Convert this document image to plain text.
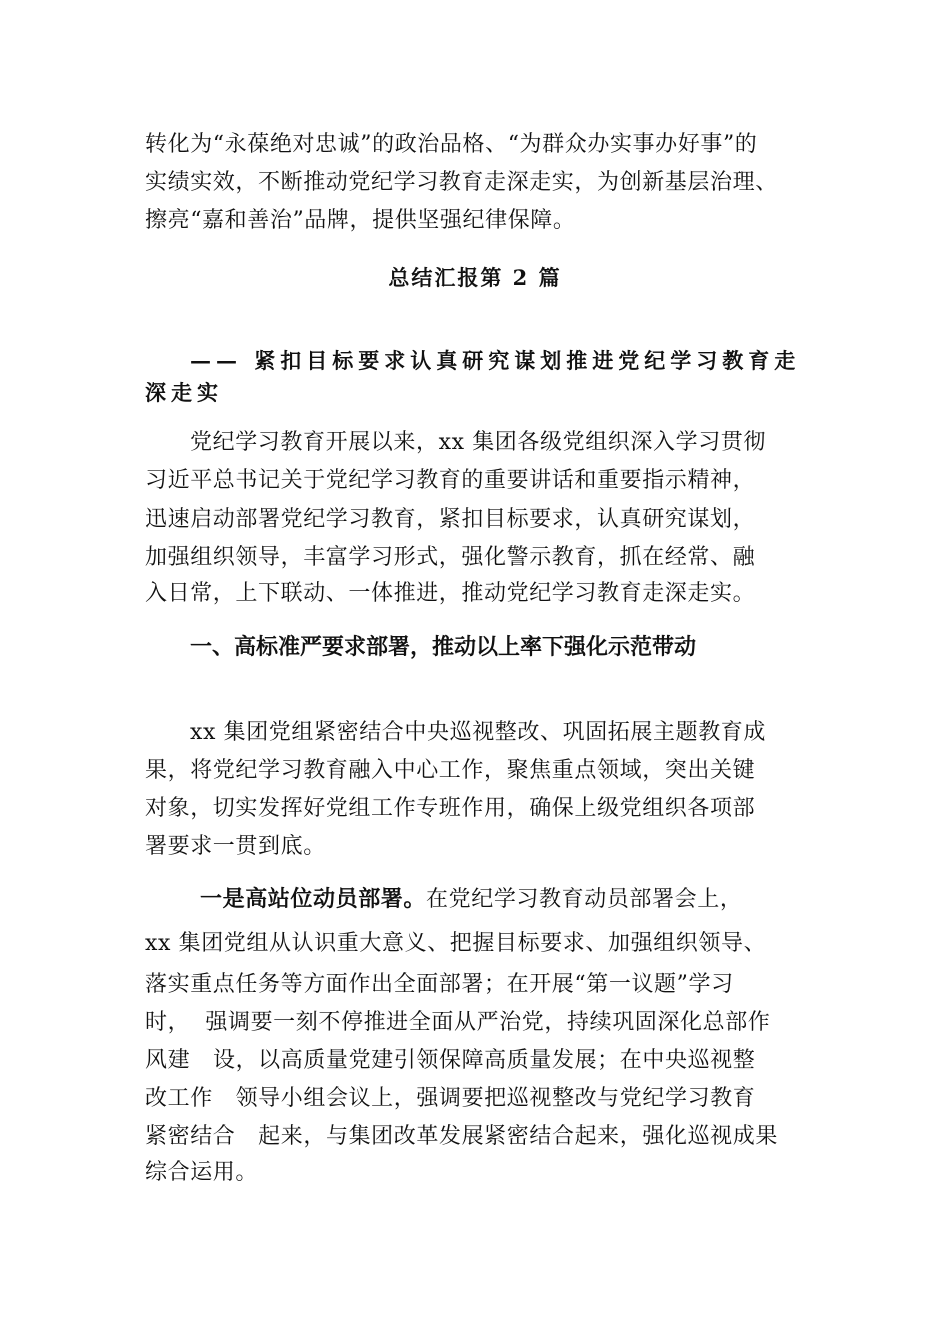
转化为“永葆绝对忠诚”的政治品格、“为群众办实事办好事”的
实绩实效，不断推动党纪学习教育走深走实，为创新基层治理、
擦亮“嘉和善治”品牌，提供坚强纪律保障。
总结汇报第 2 篇
—— 紧扣目标要求认真研究谋划推进党纪学习教育走
深走实
党纪学习教育开展以来，xx 集团各级党组织深入学习贯彻
习近平总书记关于党纪学习教育的重要讲话和重要指示精神，
迅速启动部署党纪学习教育，紧扣目标要求，认真研究谋划，
加强组织领导，丰富学习形式，强化警示教育，抓在经常、融
入日常，上下联动、一体推进，推动党纪学习教育走深走实。
一、高标准严要求部署，推动以上率下强化示范带动
xx 集团党组紧密结合中央巡视整改、巩固拓展主题教育成
果，将党纪学习教育融入中心工作，聚焦重点领域，突出关键
对象，切实发挥好党组工作专班作用，确保上级党组织各项部
署要求一贯到底。
一是高站位动员部署。在党纪学习教育动员部署会上，
xx 集团党组从认识重大意义、把握目标要求、加强组织领导、
落实重点任务等方面作出全面部署；在开展“第一议题”学习
时，  强调要一刻不停推进全面从严治党，持续巩固深化总部作
风建   设，以高质量党建引领保障高质量发展；在中央巡视整
改工作   领导小组会议上，强调要把巡视整改与党纪学习教育
紧密结合   起来，与集团改革发展紧密结合起来，强化巡视成果
综合运用。
